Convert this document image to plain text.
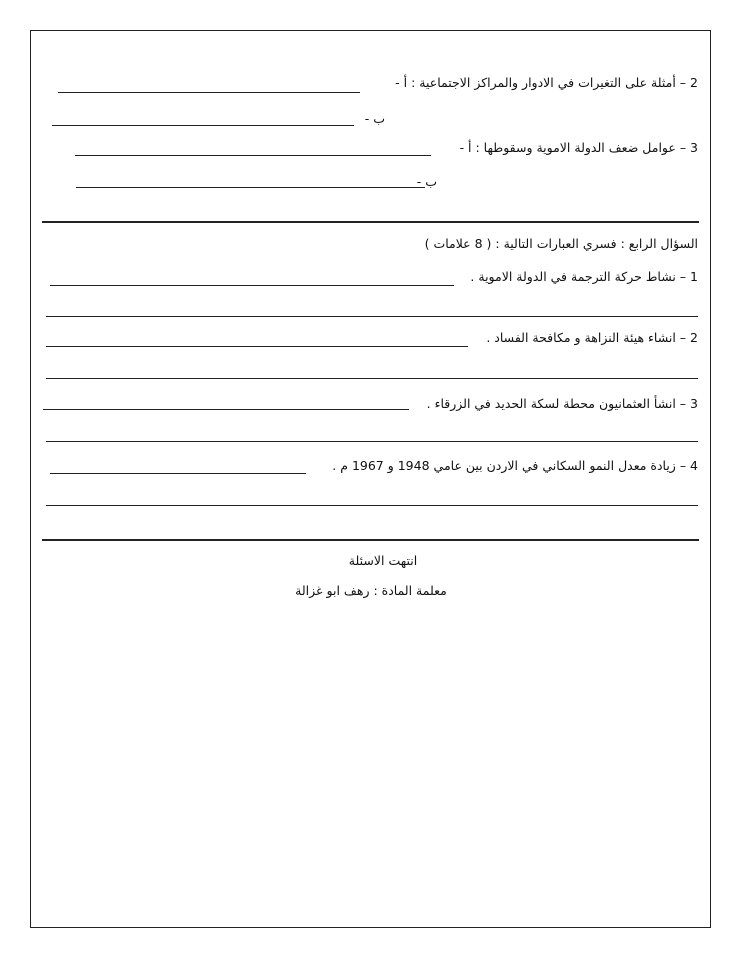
2 – أمثلة على التغيرات في الادوار والمراكز الاجتماعية : أ -
ب -
3 – عوامل ضعف الدولة الاموية وسقوطها : أ -
ب -
السؤال الرابع : فسري العبارات التالية : ( 8 علامات )
1 – نشاط حركة الترجمة في الدولة الاموية .
2 – انشاء هيئة النزاهة و مكافحة الفساد .
3 – انشأ العثمانيون محطة لسكة الحديد في الزرقاء .
4 – زيادة معدل النمو السكاني في الاردن بين عامي 1948 و 1967 م .
انتهت الاسئلة
معلمة المادة : رهف ابو غزالة
